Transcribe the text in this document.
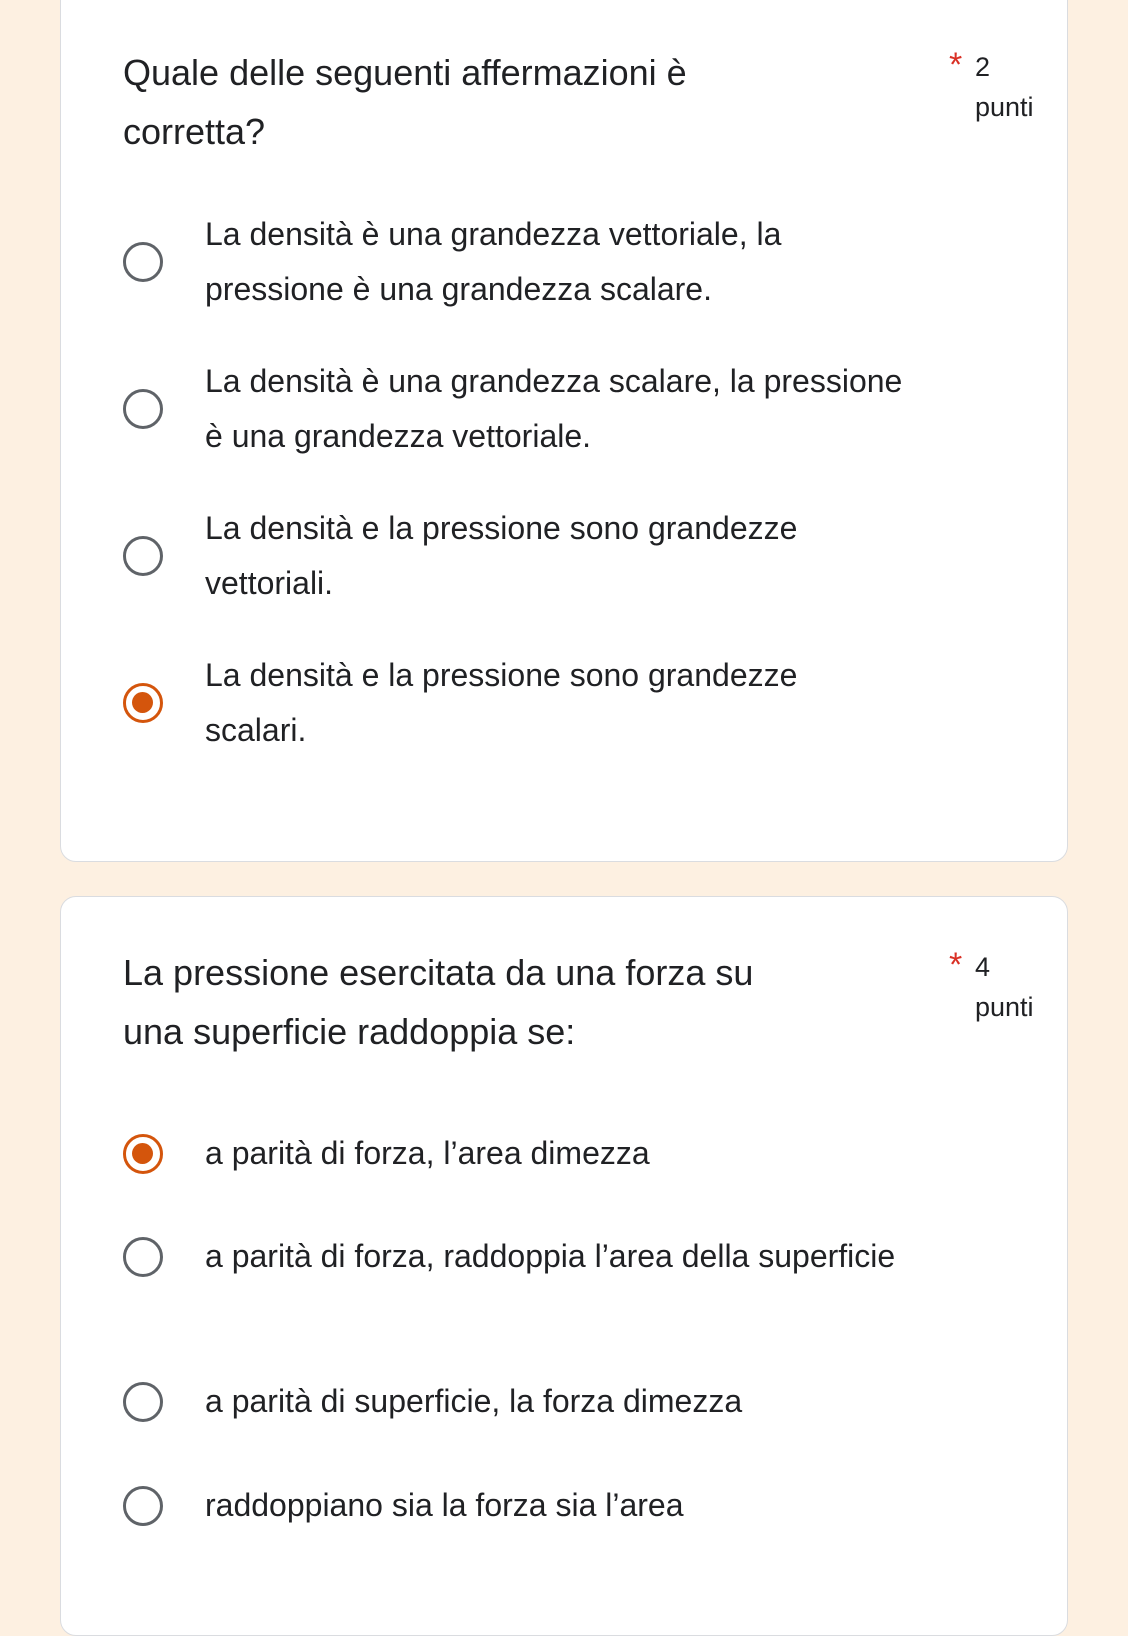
Quale delle seguenti affermazioni è corretta?
* 2 punti
La densità è una grandezza vettoriale, la pressione è una grandezza scalare.
La densità è una grandezza scalare, la pressione è una grandezza vettoriale.
La densità e la pressione sono grandezze vettoriali.
La densità e la pressione sono grandezze scalari.
La pressione esercitata da una forza su una superficie raddoppia se:
* 4 punti
a parità di forza, l’area dimezza
a parità di forza, raddoppia l’area della superficie
a parità di superficie, la forza dimezza
raddoppiano sia la forza sia l’area
